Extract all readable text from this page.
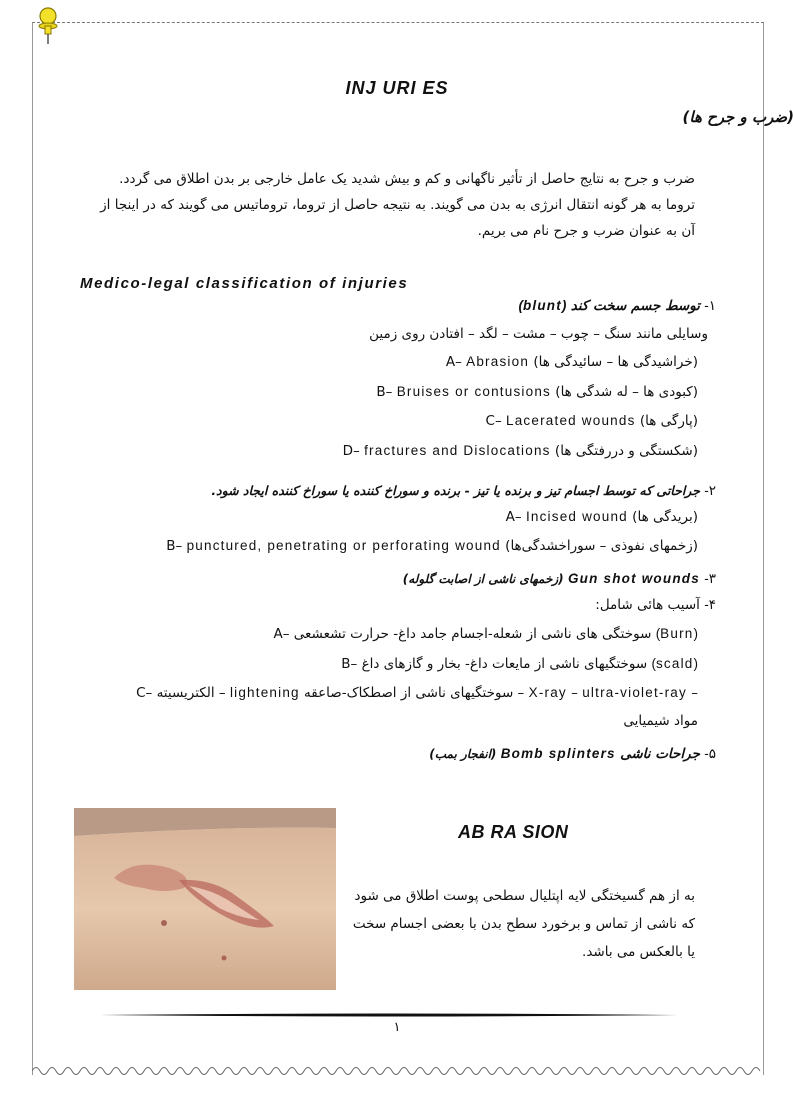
INJ URI ES
(ضرب و جرح ها)
ضرب و جرح به نتایج حاصل از تأثیر ناگهانی و کم و بیش شدید یک عامل خارجی بر بدن اطلاق می گردد.
تروما به هر گونه انتقال انرژی به بدن می گویند. به نتیجه حاصل از تروما، تروماتیس می گویند که در اینجا از
آن به عنوان ضرب و جرح نام می بریم.
Medico-legal classification of injuries
۱- توسط جسم سخت کند (blunt)
وسایلی مانند سنگ – چوب – مشت – لگد – افتادن روی زمین
A– Abrasion (خراشیدگی ها – سائیدگی ها)
B– Bruises or contusions (کبودی ها – له شدگی ها)
C– Lacerated wounds (پارگی ها)
D– fractures and Dislocations (شکستگی و دررفتگی ها)
۲- جراحاتی که توسط اجسام تیز و برنده یا تیز - برنده و سوراخ کننده یا سوراخ کننده ایجاد شود.
A– Incised wound (بریدگی ها)
B– punctured, penetrating or perforating wound (زخمهای نفوذی – سوراخشدگی‌ها)
۳- Gun shot wounds (زخمهای ناشی از اصابت گلوله)
۴- آسیب هائی شامل:
A– سوختگی های ناشی از شعله-اجسام جامد داغ- حرارت تشعشعی (Burn)
B– سوختگیهای ناشی از مایعات داغ- بخار و گازهای داغ (scald)
C–	سوختگیهای ناشی از اصطکاک-صاعقه lightening – الکتریسیته – X-ray – ultra-violet-ray –
مواد شیمیایی
۵- جراحات ناشی Bomb splinters (انفجار بمب)
AB RA SION
به از هم گسیختگی لایه اپتلیال سطحی پوست اطلاق می شود
که ناشی از تماس و برخورد سطح بدن با بعضی اجسام سخت
یا بالعکس می باشد.
۱
